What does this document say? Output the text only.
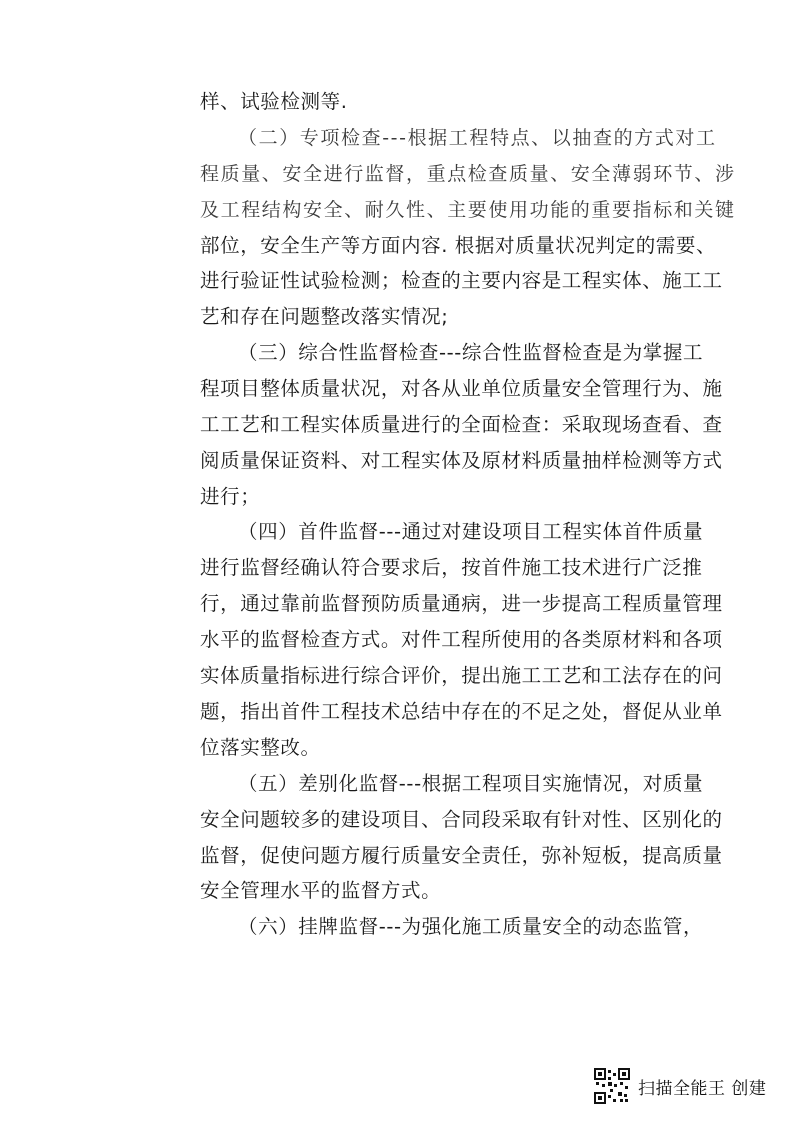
样、试验检测等.
（二）专项检查---根据工程特点、以抽查的方式对工
程质量、安全进行监督，重点检查质量、安全薄弱环节、涉
及工程结构安全、耐久性、主要使用功能的重要指标和关键
部位，安全生产等方面内容. 根据对质量状况判定的需要、
进行验证性试验检测；检查的主要内容是工程实体、施工工
艺和存在问题整改落实情况;
（三）综合性监督检查---综合性监督检查是为掌握工
程项目整体质量状况，对各从业单位质量安全管理行为、施
工工艺和工程实体质量进行的全面检查：采取现场查看、查
阅质量保证资料、对工程实体及原材料质量抽样检测等方式
进行；
（四）首件监督---通过对建设项目工程实体首件质量
进行监督经确认符合要求后，按首件施工技术进行广泛推
行，通过靠前监督预防质量通病，进一步提高工程质量管理
水平的监督检查方式。对件工程所使用的各类原材料和各项
实体质量指标进行综合评价，提出施工工艺和工法存在的问
题，指出首件工程技术总结中存在的不足之处，督促从业单
位落实整改。
（五）差别化监督---根据工程项目实施情况，对质量
安全问题较多的建设项目、合同段采取有针对性、区别化的
监督，促使问题方履行质量安全责任，弥补短板，提高质量
安全管理水平的监督方式。
（六）挂牌监督---为强化施工质量安全的动态监管，
扫描全能王 创建
